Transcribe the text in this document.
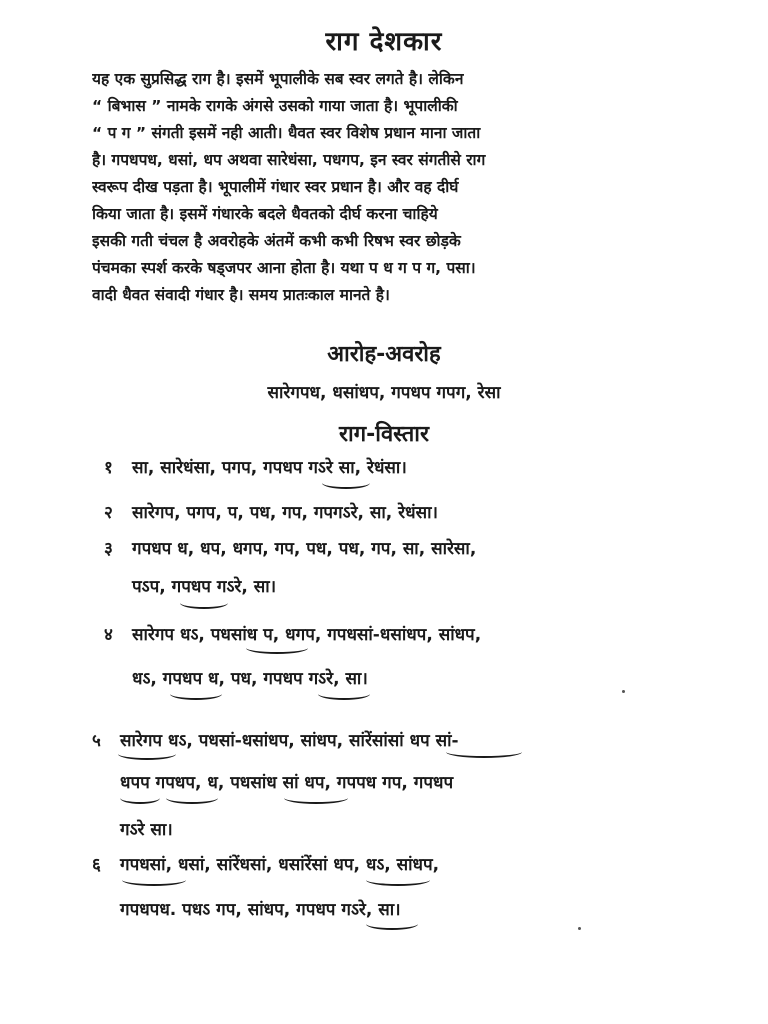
राग देशकार

यह एक सुप्रसिद्ध राग है। इसमें भूपालीके सब स्वर लगते है। लेकिन

“ बिभास ” नामके रागके अंगसे उसको गाया जाता है। भूपालीकी

“ प ग ” संगती इसमें नही आती। धैवत स्वर विशेष प्रधान माना जाता

है। गपधपध, धसां, धप अथवा सारेधंसा, पधगप, इन स्वर संगतीसे राग

स्वरूप दीख पड़ता है। भूपालीमें गंधार स्वर प्रधान है। और वह दीर्घ

किया जाता है। इसमें गंधारके बदले धैवतको दीर्घ करना चाहिये

इसकी गती चंचल है अवरोहके अंतमें कभी कभी रिषभ स्वर छोड़के

पंचमका स्पर्श करके षड्जपर आना होता है। यथा प ध ग प ग, पसा।

वादी धैवत संवादी गंधार है। समय प्रातःकाल मानते है।

आरोह-अवरोह
सारेगपध, धसांधप, गपधप गपग, रेसा
राग-विस्तार
१ सा, सारेधंसा, पगप, गपधप गऽरे सा, रेधंसा।
२ सारेगप, पगप, प, पध, गप, गपगऽरे, सा, रेधंसा।
३ गपधप ध, धप, धगप, गप, पध, पध, गप, सा, सारेसा,
पऽप, गपधप गऽरे, सा।
४ सारेगप धऽ, पधसांध प, धगप, गपधसां-धसांधप, सांधप,
धऽ, गपधप ध, पध, गपधप गऽरे, सा।
५ सारेगप धऽ, पधसां-धसांधप, सांधप, सांरेंसांसां धप सां-
धपप गपधप, ध, पधसांध सां धप, गपपध गप, गपधप
गऽरे सा।
६ गपधसां, धसां, सांरेंधसां, धसांरेंसां धप, धऽ, सांधप,
गपधपध. पधऽ गप, सांधप, गपधप गऽरे, सा।
